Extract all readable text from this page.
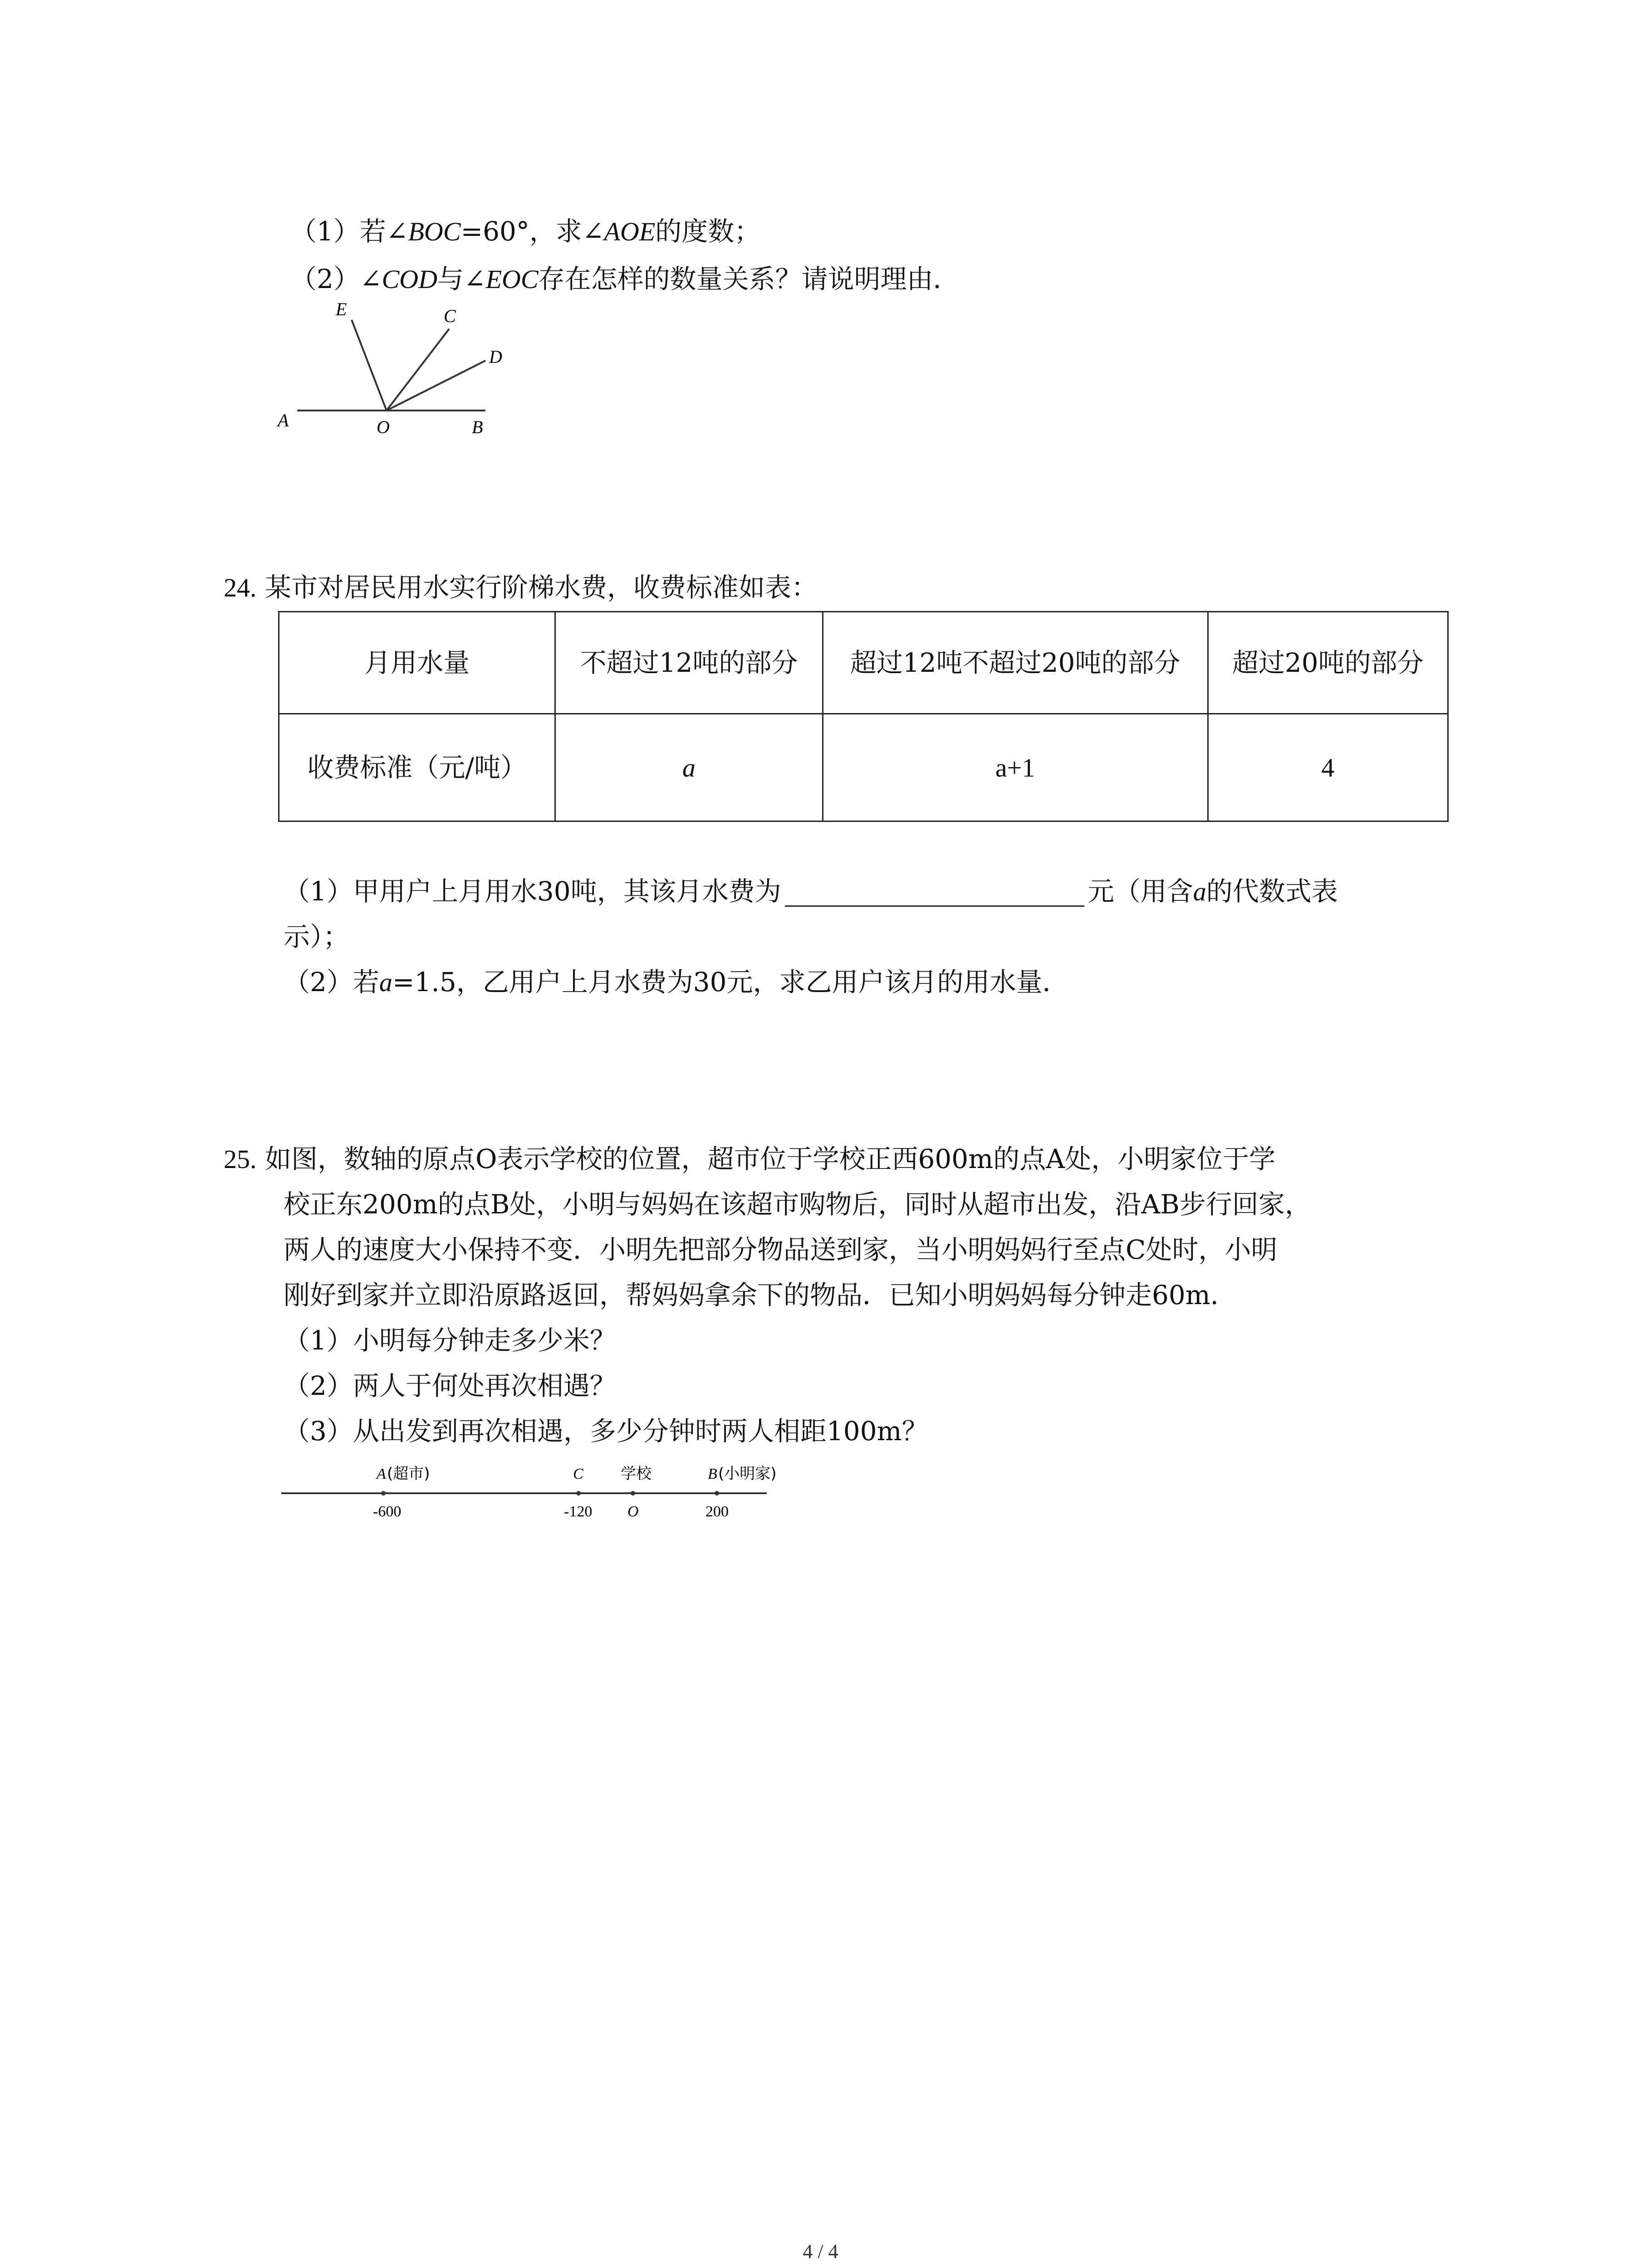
（1）若∠BOC=60°，求∠AOE的度数；
（2）∠COD与∠EOC存在怎样的数量关系？请说明理由．
E	C
D
A	O	B
24. 某市对居民用水实行阶梯水费，收费标准如表：
月用水量	不超过12吨的部分	超过12吨不超过20吨的部分	超过20吨的部分
收费标准（元/吨）	a	a+1	4
（1）甲用户上月用水30吨，其该月水费为	元（用含a的代数式表
示）；
（2）若a=1.5，乙用户上月水费为30元，求乙用户该月的用水量．
25. 如图，数轴的原点O表示学校的位置，超市位于学校正西600m的点A处，小明家位于学
校正东200m的点B处，小明与妈妈在该超市购物后，同时从超市出发，沿AB步行回家，
两人的速度大小保持不变．小明先把部分物品送到家，当小明妈妈行至点C处时，小明
刚好到家并立即沿原路返回，帮妈妈拿余下的物品．已知小明妈妈每分钟走60m．
（1）小明每分钟走多少米？
（2）两人于何处再次相遇？
（3）从出发到再次相遇，多少分钟时两人相距100m？
A (超市)
-600
C
-120
学校
O
B (小明家)
200
4 / 4
